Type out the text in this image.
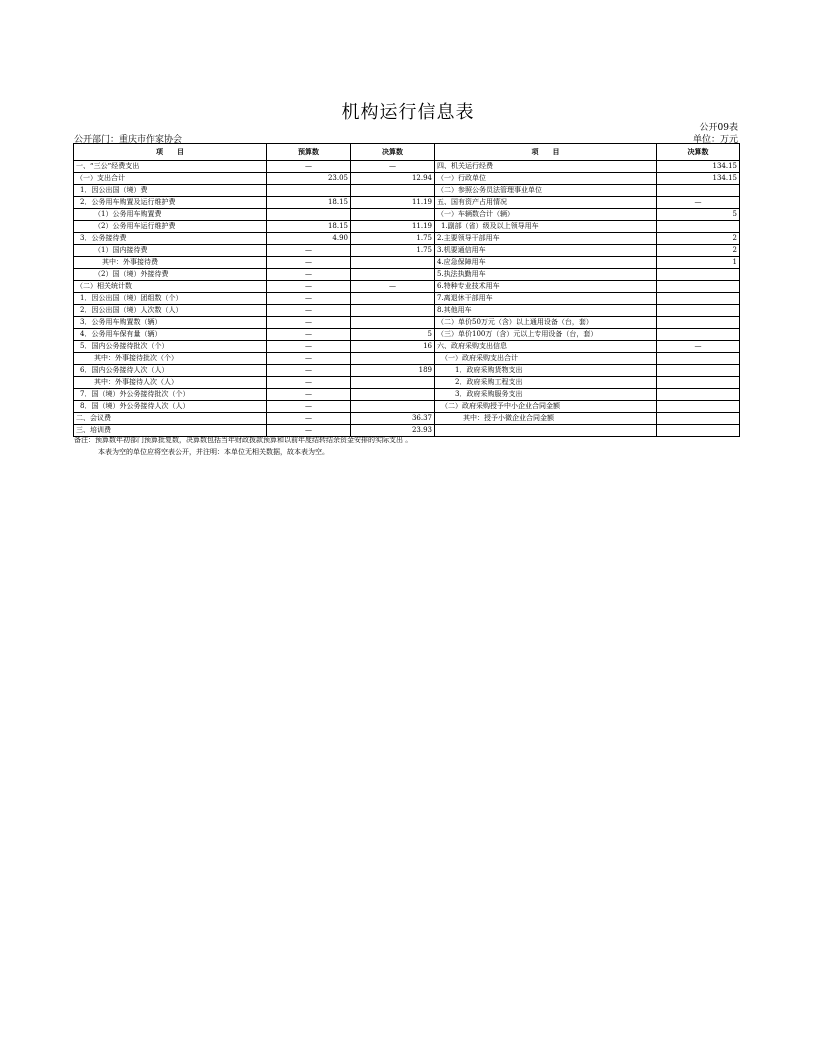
机构运行信息表
公开09表
公开部门：重庆市作家协会	单位：万元
项　　目	预算数	决算数	项　　目	决算数
一、“三公”经费支出	—	—	四、机关运行经费	134.15
（一）支出合计	23.05	12.94	（一）行政单位	134.15
1．因公出国（境）费			（二）参照公务员法管理事业单位	
2．公务用车购置及运行维护费	18.15	11.19	五、国有资产占用情况	—
（1）公务用车购置费			（一）车辆数合计（辆）	5
（2）公务用车运行维护费	18.15	11.19	1.副部（省）级及以上领导用车	
3．公务接待费	4.90	1.75	2.主要领导干部用车	2
（1）国内接待费	—	1.75	3.机要通信用车	2
其中：外事接待费	—		4.应急保障用车	1
（2）国（境）外接待费	—		5.执法执勤用车	
（二）相关统计数	—	—	6.特种专业技术用车	
1．因公出国（境）团组数（个）	—		7.离退休干部用车	
2．因公出国（境）人次数（人）	—		8.其他用车	
3．公务用车购置数（辆）	—		（二）单价50万元（含）以上通用设备（台，套）	
4．公务用车保有量（辆）	—	5	（三）单价100万（含）元以上专用设备（台，套）	
5．国内公务接待批次（个）	—	16	六、政府采购支出信息	—
其中：外事接待批次（个）	—		（一）政府采购支出合计	
6．国内公务接待人次（人）	—	189	1．政府采购货物支出	
其中：外事接待人次（人）	—		2．政府采购工程支出	
7．国（境）外公务接待批次（个）	—		3．政府采购服务支出	
8．国（境）外公务接待人次（人）	—		（二）政府采购授予中小企业合同金额	
二、会议费	—	36.37	其中：授予小微企业合同金额	
三、培训费	—	23.93		
备注：预算数年初部门预算批复数，决算数包括当年财政拨款预算和以前年度结转结余资金安排的实际支出 。
本表为空的单位应将空表公开，并注明：本单位无相关数据，故本表为空。
